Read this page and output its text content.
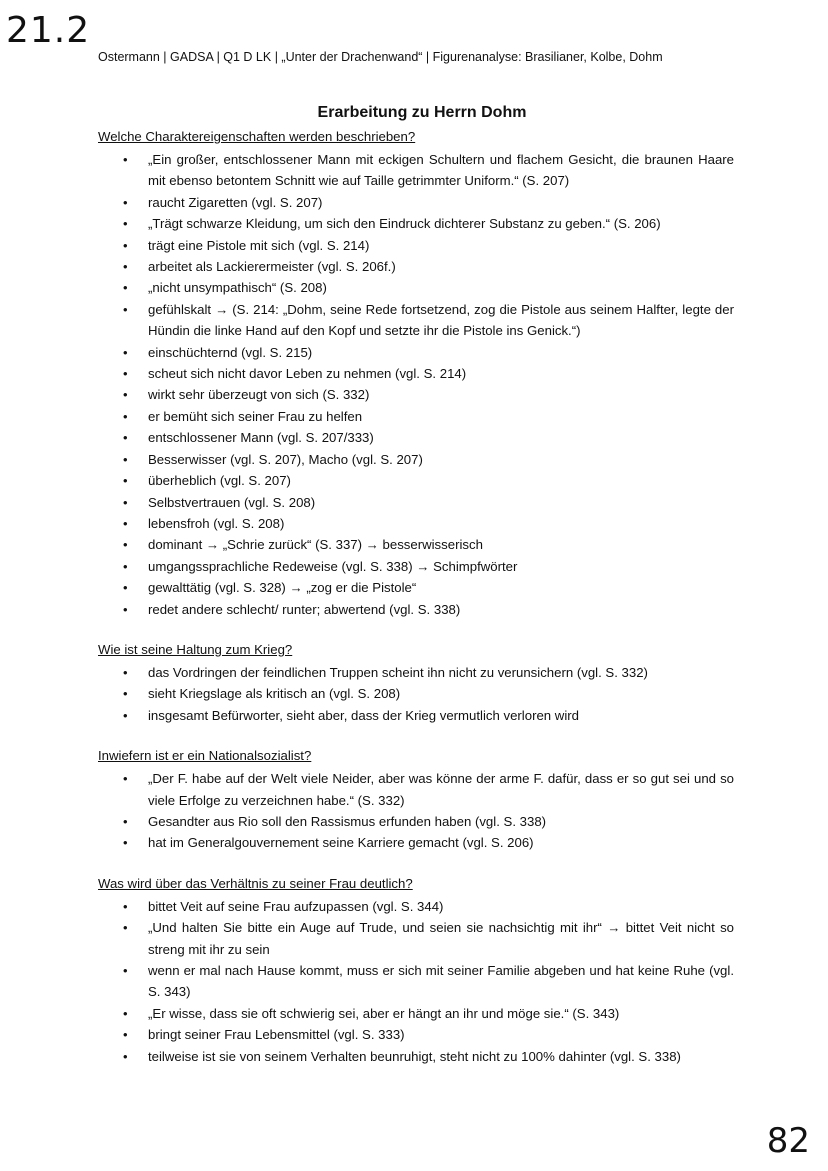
21.2
Ostermann | GADSA | Q1 D LK | „Unter der Drachenwand“ | Figurenanalyse: Brasilianer, Kolbe, Dohm
Erarbeitung zu Herrn Dohm

Welche Charaktereigenschaften werden beschrieben?

• „Ein großer, entschlossener Mann mit eckigen Schultern und flachem Gesicht, die braunen Haare mit ebenso betontem Schnitt wie auf Taille getrimmter Uniform.“ (S. 207)
• raucht Zigaretten (vgl. S. 207)
• „Trägt schwarze Kleidung, um sich den Eindruck dichterer Substanz zu geben.“ (S. 206)
• trägt eine Pistole mit sich (vgl. S. 214)
• arbeitet als Lackierermeister (vgl. S. 206f.)
• „nicht unsympathisch“ (S. 208)
• gefühlskalt → (S. 214: „Dohm, seine Rede fortsetzend, zog die Pistole aus seinem Halfter, legte der Hündin die linke Hand auf den Kopf und setzte ihr die Pistole ins Genick.“)
• einschüchternd (vgl. S. 215)
• scheut sich nicht davor Leben zu nehmen (vgl. S. 214)
• wirkt sehr überzeugt von sich (S. 332)
• er bemüht sich seiner Frau zu helfen
• entschlossener Mann (vgl. S. 207/333)
• Besserwisser (vgl. S. 207), Macho (vgl. S. 207)
• überheblich (vgl. S. 207)
• Selbstvertrauen (vgl. S. 208)
• lebensfroh (vgl. S. 208)
• dominant → „Schrie zurück“ (S. 337) → besserwisserisch
• umgangssprachliche Redeweise (vgl. S. 338) → Schimpfwörter
• gewalttätig (vgl. S. 328) → „zog er die Pistole“
• redet andere schlecht/ runter; abwertend (vgl. S. 338)

Wie ist seine Haltung zum Krieg?

• das Vordringen der feindlichen Truppen scheint ihn nicht zu verunsichern (vgl. S. 332)
• sieht Kriegslage als kritisch an (vgl. S. 208)
• insgesamt Befürworter, sieht aber, dass der Krieg vermutlich verloren wird

Inwiefern ist er ein Nationalsozialist?

• „Der F. habe auf der Welt viele Neider, aber was könne der arme F. dafür, dass er so gut sei und so viele Erfolge zu verzeichnen habe.“ (S. 332)
• Gesandter aus Rio soll den Rassismus erfunden haben (vgl. S. 338)
• hat im Generalgouvernement seine Karriere gemacht (vgl. S. 206)

Was wird über das Verhältnis zu seiner Frau deutlich?

• bittet Veit auf seine Frau aufzupassen (vgl. S. 344)
• „Und halten Sie bitte ein Auge auf Trude, und seien sie nachsichtig mit ihr“ → bittet Veit nicht so streng mit ihr zu sein
• wenn er mal nach Hause kommt, muss er sich mit seiner Familie abgeben und hat keine Ruhe (vgl. S. 343)
• „Er wisse, dass sie oft schwierig sei, aber er hängt an ihr und möge sie.“ (S. 343)
• bringt seiner Frau Lebensmittel (vgl. S. 333)
• teilweise ist sie von seinem Verhalten beunruhigt, steht nicht zu 100% dahinter (vgl. S. 338)
82
